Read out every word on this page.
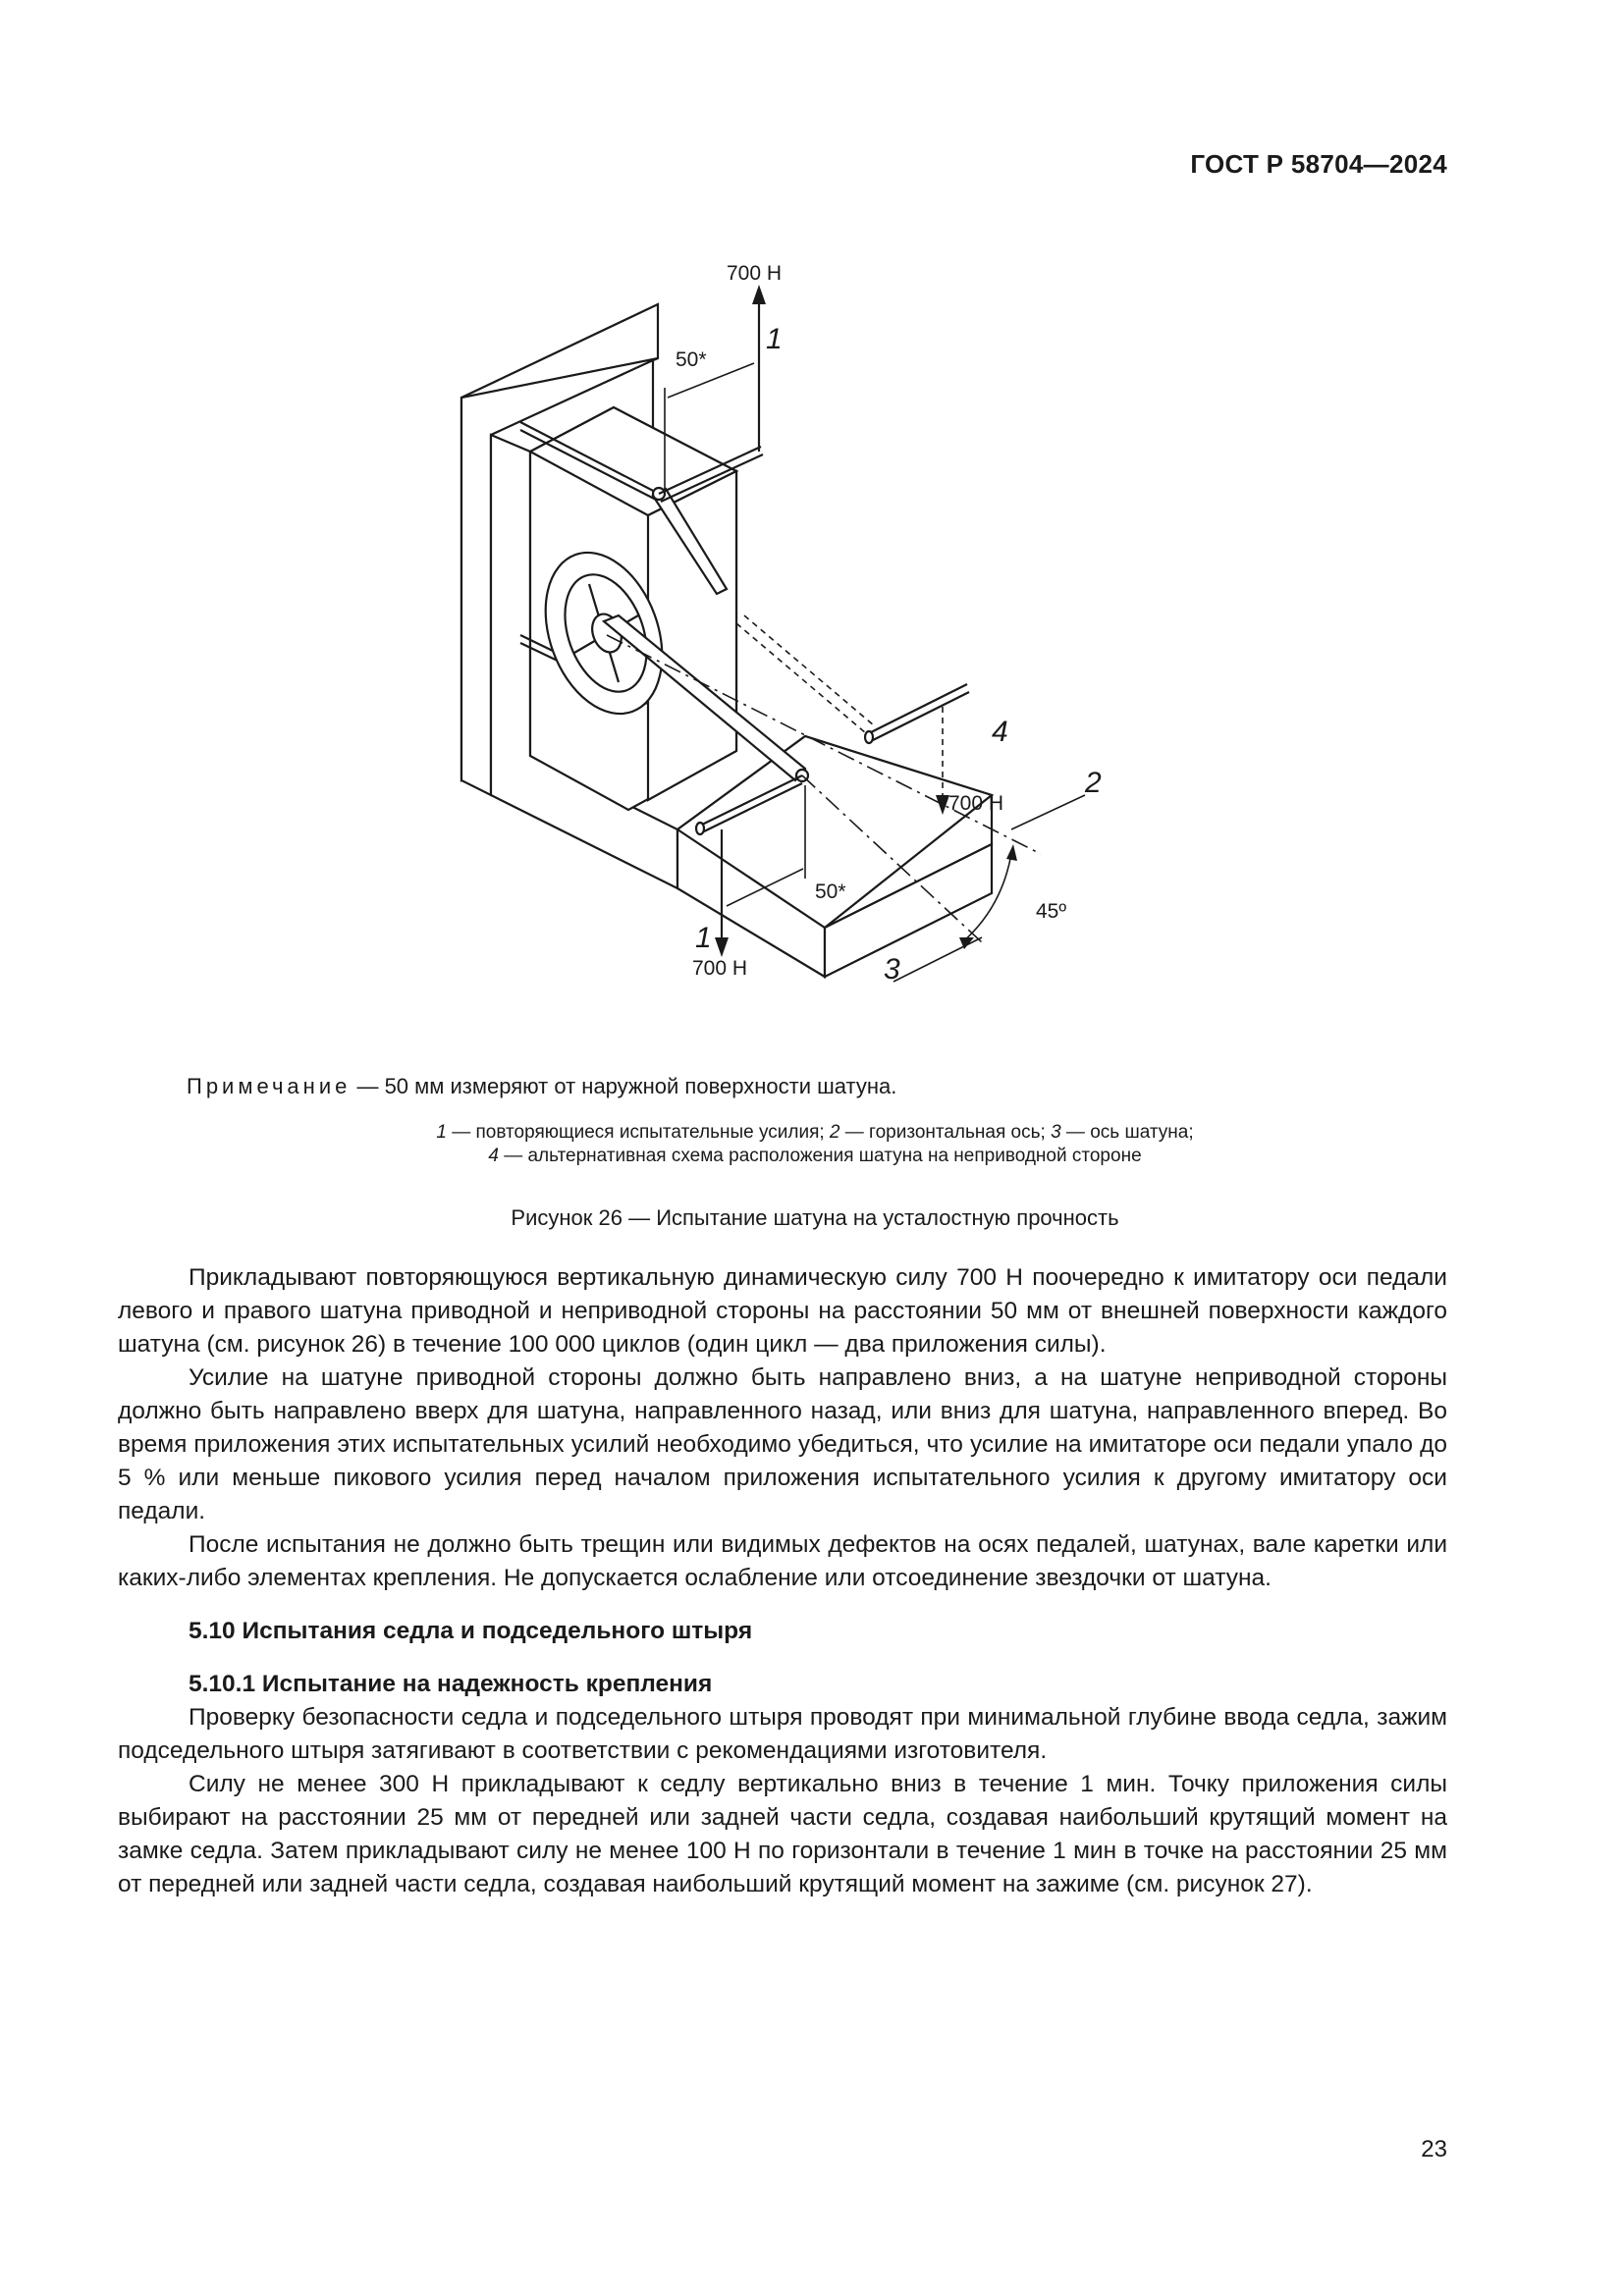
ГОСТ Р 58704—2024
700 Н
1
50*
4
700 Н
2
50*
45º
1
700 Н	3
Примечание — 50 мм измеряют от наружной поверхности шатуна.
1 — повторяющиеся испытательные усилия; 2 — горизонтальная ось; 3 — ось шатуна;
4 — альтернативная схема расположения шатуна на неприводной стороне
Рисунок 26 — Испытание шатуна на усталостную прочность

Прикладывают повторяющуюся вертикальную динамическую силу 700 Н поочередно к имитатору оси педали левого и правого шатуна приводной и неприводной стороны на расстоянии 50 мм от внешней поверхности каждого шатуна (см. рисунок 26) в течение 100 000 циклов (один цикл — два приложения силы).

Усилие на шатуне приводной стороны должно быть направлено вниз, а на шатуне неприводной стороны должно быть направлено вверх для шатуна, направленного назад, или вниз для шатуна, направленного вперед. Во время приложения этих испытательных усилий необходимо убедиться, что усилие на имитаторе оси педали упало до 5 % или меньше пикового усилия перед началом приложения испытательного усилия к другому имитатору оси педали.

После испытания не должно быть трещин или видимых дефектов на осях педалей, шатунах, вале каретки или каких-либо элементах крепления. Не допускается ослабление или отсоединение звездочки от шатуна.

5.10 Испытания седла и подседельного штыря
5.10.1 Испытание на надежность крепления

Проверку безопасности седла и подседельного штыря проводят при минимальной глубине ввода седла, зажим подседельного штыря затягивают в соответствии с рекомендациями изготовителя.

Силу не менее 300 Н прикладывают к седлу вертикально вниз в течение 1 мин. Точку приложения силы выбирают на расстоянии 25 мм от передней или задней части седла, создавая наибольший крутящий момент на замке седла. Затем прикладывают силу не менее 100 Н по горизонтали в течение 1 мин в точке на расстоянии 25 мм от передней или задней части седла, создавая наибольший крутящий момент на зажиме (см. рисунок 27).

23
